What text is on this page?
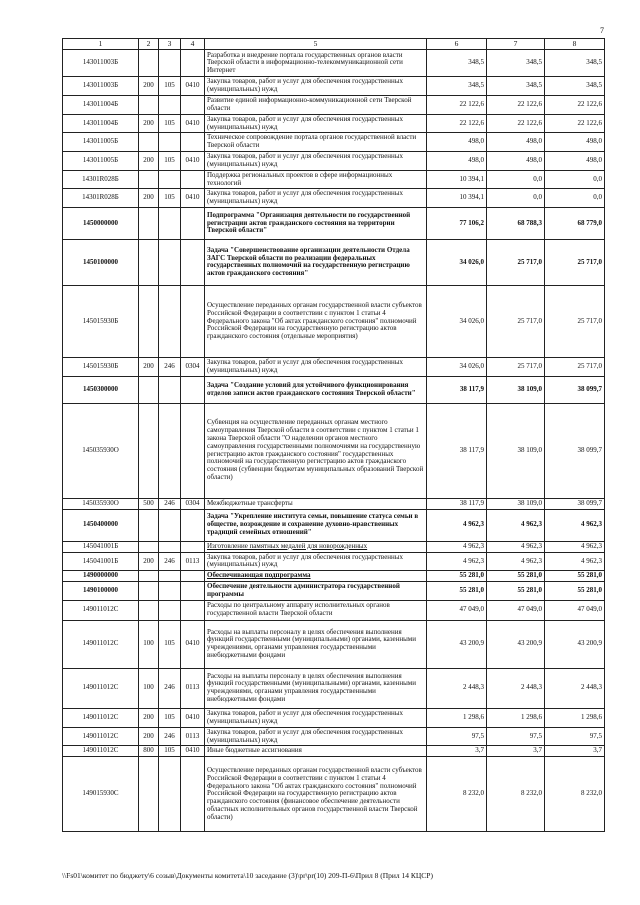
7
1	2	3	4	5	6	7	8
143011003Б				Разработка и внедрение портала государственных органов власти Тверской области в информационно-телекоммуникационной сети Интернет	348,5	348,5	348,5
143011003Б	200	105	0410	Закупка товаров, работ и услуг для обеспечения государственных (муниципальных) нужд	348,5	348,5	348,5
143011004Б				Развитие единой информационно-коммуникационной сети Тверской области	22 122,6	22 122,6	22 122,6
143011004Б	200	105	0410	Закупка товаров, работ и услуг для обеспечения государственных (муниципальных) нужд	22 122,6	22 122,6	22 122,6
143011005Б				Техническое сопровождение портала органов государственной власти Тверской области	498,0	498,0	498,0
143011005Б	200	105	0410	Закупка товаров, работ и услуг для обеспечения государственных (муниципальных) нужд	498,0	498,0	498,0
14301R028Б				Поддержка региональных проектов в сфере информационных технологий	10 394,1	0,0	0,0
14301R028Б	200	105	0410	Закупка товаров, работ и услуг для обеспечения государственных (муниципальных) нужд	10 394,1	0,0	0,0
1450000000				Подпрограмма "Организация деятельности по государственной регистрации актов гражданского состояния на территории Тверской области"	77 106,2	68 788,3	68 779,0
1450100000				Задача "Совершенствование организации деятельности Отдела ЗАГС Тверской области по реализации федеральных государственных полномочий на государственную регистрацию актов гражданского состояния"	34 026,0	25 717,0	25 717,0
145015930Б				Осуществление переданных органам государственной власти субъектов Российской Федерации в соответствии с пунктом 1 статьи 4 Федерального закона "Об актах гражданского состояния" полномочий Российской Федерации на государственную регистрацию актов гражданского состояния (отдельные мероприятия)	34 026,0	25 717,0	25 717,0
145015930Б	200	246	0304	Закупка товаров, работ и услуг для обеспечения государственных (муниципальных) нужд	34 026,0	25 717,0	25 717,0
1450300000				Задача "Создание условий для устойчивого функционирования отделов записи актов гражданского состояния Тверской области"	38 117,9	38 109,0	38 099,7
145035930О				Субвенция на осуществление переданных органам местного самоуправления Тверской области в соответствии с пунктом 1 статьи 1 закона Тверской области "О наделении органов местного самоуправления государственными полномочиями на государственную регистрацию актов гражданского состояния" государственных полномочий на государственную регистрацию актов гражданского состояния (субвенции бюджетам муниципальных образований Тверской области)	38 117,9	38 109,0	38 099,7
145035930О	500	246	0304	Межбюджетные трансферты	38 117,9	38 109,0	38 099,7
1450400000				Задача "Укрепление института семьи, повышение статуса семьи в обществе, возрождение и сохранение духовно-нравственных традиций семейных отношений"	4 962,3	4 962,3	4 962,3
145041001Б				Изготовление памятных медалей для новорожденных	4 962,3	4 962,3	4 962,3
145041001Б	200	246	0113	Закупка товаров, работ и услуг для обеспечения государственных (муниципальных) нужд	4 962,3	4 962,3	4 962,3
1490000000				Обеспечивающая подпрограмма	55 281,0	55 281,0	55 281,0
1490100000				Обеспечение деятельности администратора государственной программы	55 281,0	55 281,0	55 281,0
149011012С				Расходы по центральному аппарату исполнительных органов государственной власти Тверской области	47 049,0	47 049,0	47 049,0
149011012С	100	105	0410	Расходы на выплаты персоналу в целях обеспечения выполнения функций государственными (муниципальными) органами, казенными учреждениями, органами управления государственными внебюджетными фондами	43 200,9	43 200,9	43 200,9
149011012С	100	246	0113	Расходы на выплаты персоналу в целях обеспечения выполнения функций государственными (муниципальными) органами, казенными учреждениями, органами управления государственными внебюджетными фондами	2 448,3	2 448,3	2 448,3
149011012С	200	105	0410	Закупка товаров, работ и услуг для обеспечения государственных (муниципальных) нужд	1 298,6	1 298,6	1 298,6
149011012С	200	246	0113	Закупка товаров, работ и услуг для обеспечения государственных (муниципальных) нужд	97,5	97,5	97,5
149011012С	800	105	0410	Иные бюджетные ассигнования	3,7	3,7	3,7
149015930С				Осуществление переданных органам государственной власти субъектов Российской Федерации в соответствии с пунктом 1 статьи 4 Федерального закона "Об актах гражданского состояния" полномочий Российской Федерации на государственную регистрацию актов гражданского состояния (финансовое обеспечение деятельности областных исполнительных органов государственной власти Тверской области)	8 232,0	8 232,0	8 232,0
\\Fs01\комитет по бюджету\6 созыв\Документы комитета\10 заседание (3)\pr\pr(10) 209-П-6\Прил 8 (Прил 14 КЦСР)
